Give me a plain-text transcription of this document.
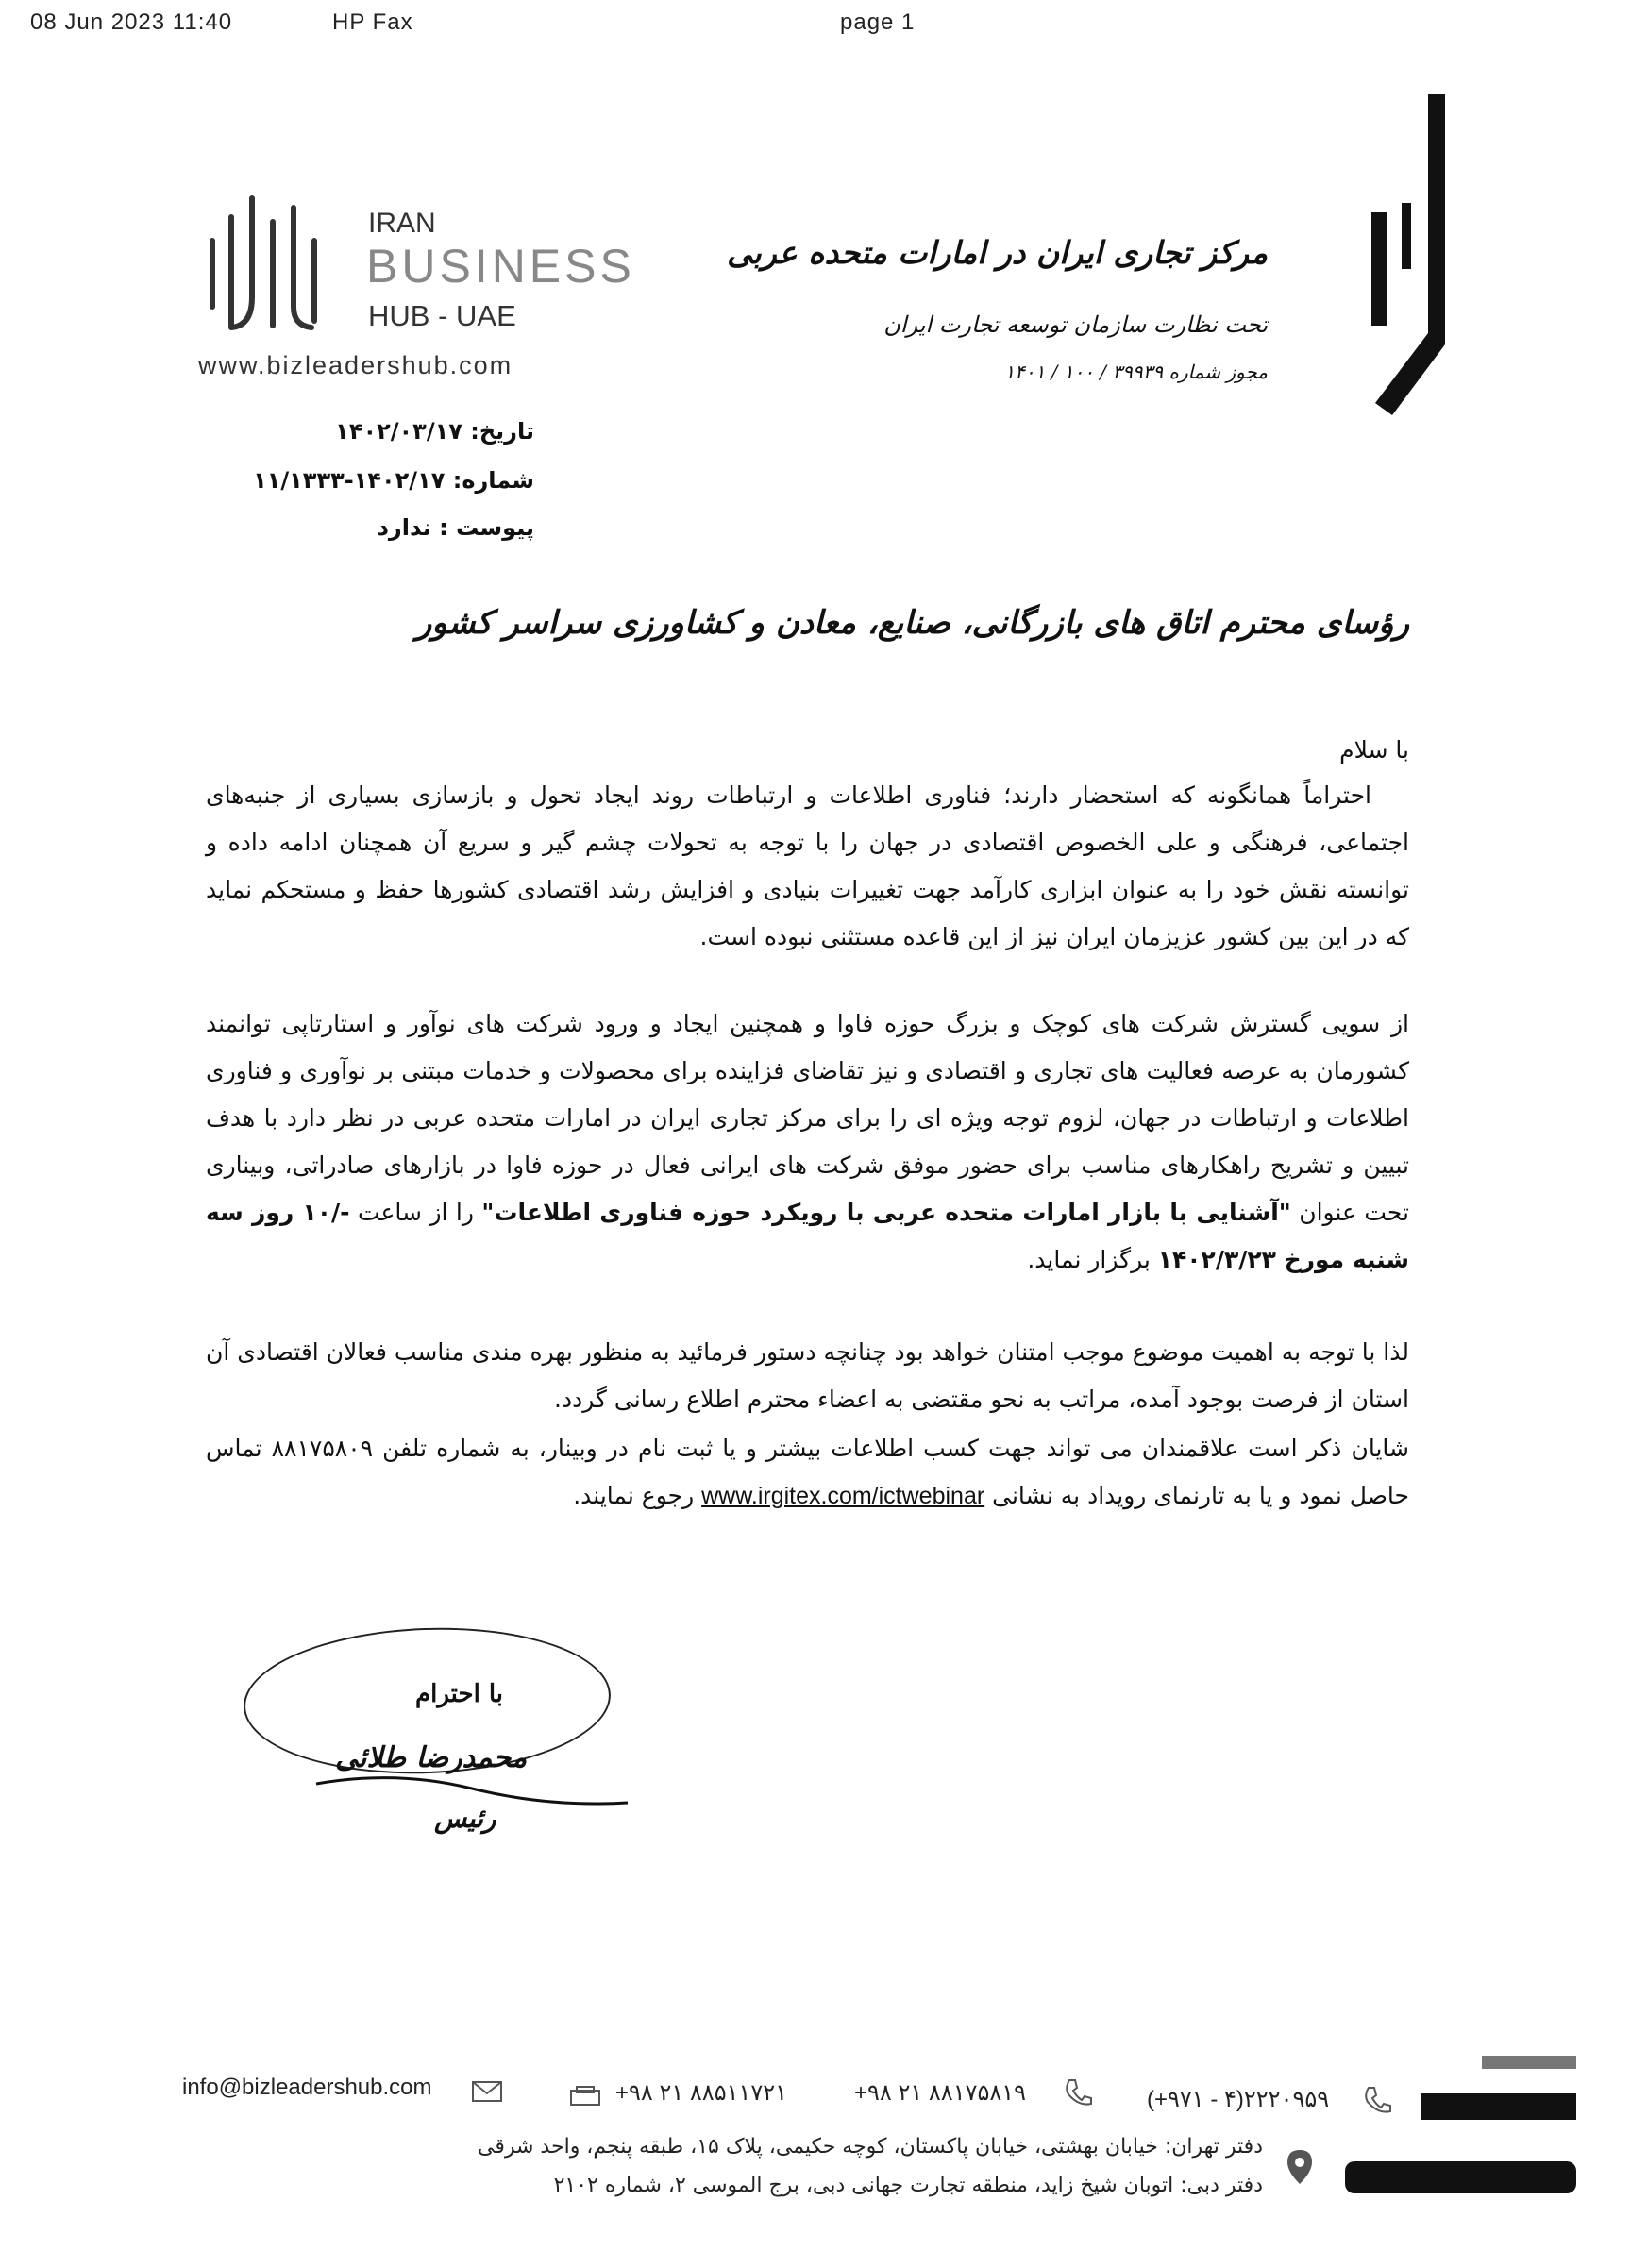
08 Jun 2023 11:40	HP Fax	page 1
IRAN
BUSINESS
HUB - UAE
www.bizleadershub.com
مرکز تجاری ایران در امارات متحده عربی
تحت نظارت سازمان توسعه تجارت ایران
مجوز شماره ۳۹۹۳۹ / ۱۰۰ / ۱۴۰۱
تاریخ: ۱۴۰۲/۰۳/۱۷
شماره: ۱۴۰۲/۱۷-۱۱/۱۳۳۳
پیوست : ندارد
رؤسای محترم اتاق های بازرگانی، صنایع، معادن و کشاورزی سراسر کشور
با سلام
احتراماً همانگونه که استحضار دارند؛ فناوری اطلاعات و ارتباطات روند ایجاد تحول و بازسازی بسیاری از جنبه‌های اجتماعی، فرهنگی و علی الخصوص اقتصادی در جهان را با توجه به تحولات چشم گیر و سریع آن همچنان ادامه داده و توانسته نقش خود را به عنوان ابزاری کارآمد جهت تغییرات بنیادی و افزایش رشد اقتصادی کشورها حفظ و مستحکم نماید که در این بین کشور عزیزمان ایران نیز از این قاعده مستثنی نبوده است.
از سویی گسترش شرکت های کوچک و بزرگ حوزه فاوا و همچنین ایجاد و ورود شرکت های نوآور و استارتاپی توانمند کشورمان به عرصه فعالیت های تجاری و اقتصادی و نیز تقاضای فزاینده برای محصولات و خدمات مبتنی بر نوآوری و فناوری اطلاعات و ارتباطات در جهان، لزوم توجه ویژه ای را برای مرکز تجاری ایران در امارات متحده عربی در نظر دارد با هدف تبیین و تشریح راهکارهای مناسب برای حضور موفق شرکت های ایرانی فعال در حوزه فاوا در بازارهای صادراتی، وبیناری تحت عنوان "آشنایی با بازار امارات متحده عربی با رویکرد حوزه فناوری اطلاعات" را از ساعت -/۱۰ روز سه شنبه مورخ ۱۴۰۲/۳/۲۳ برگزار نماید.
لذا با توجه به اهمیت موضوع موجب امتنان خواهد بود چنانچه دستور فرمائید به منظور بهره مندی مناسب فعالان اقتصادی آن استان از فرصت بوجود آمده، مراتب به نحو مقتضی به اعضاء محترم اطلاع رسانی گردد.
شایان ذکر است علاقمندان می تواند جهت کسب اطلاعات بیشتر و یا ثبت نام در وبینار، به شماره تلفن ۸۸۱۷۵۸۰۹ تماس حاصل نمود و یا به تارنمای رویداد به نشانی www.irgitex.com/ictwebinar رجوع نمایند.
با احترام
محمدرضا طلائی
رئیس
info@bizleadershub.com	+۹۸ ۲۱ ۸۸۵۱۱۷۲۱	+۹۸ ۲۱ ۸۸۱۷۵۸۱۹	(+۹۷۱ - ۴)۲۲۲۰۹۵۹
دفتر تهران: خیابان بهشتی، خیابان پاکستان، کوچه حکیمی، پلاک ۱۵، طبقه پنجم، واحد شرقی
دفتر دبی: اتوبان شیخ زاید، منطقه تجارت جهانی دبی، برج الموسی ۲، شماره ۲۱۰۲
